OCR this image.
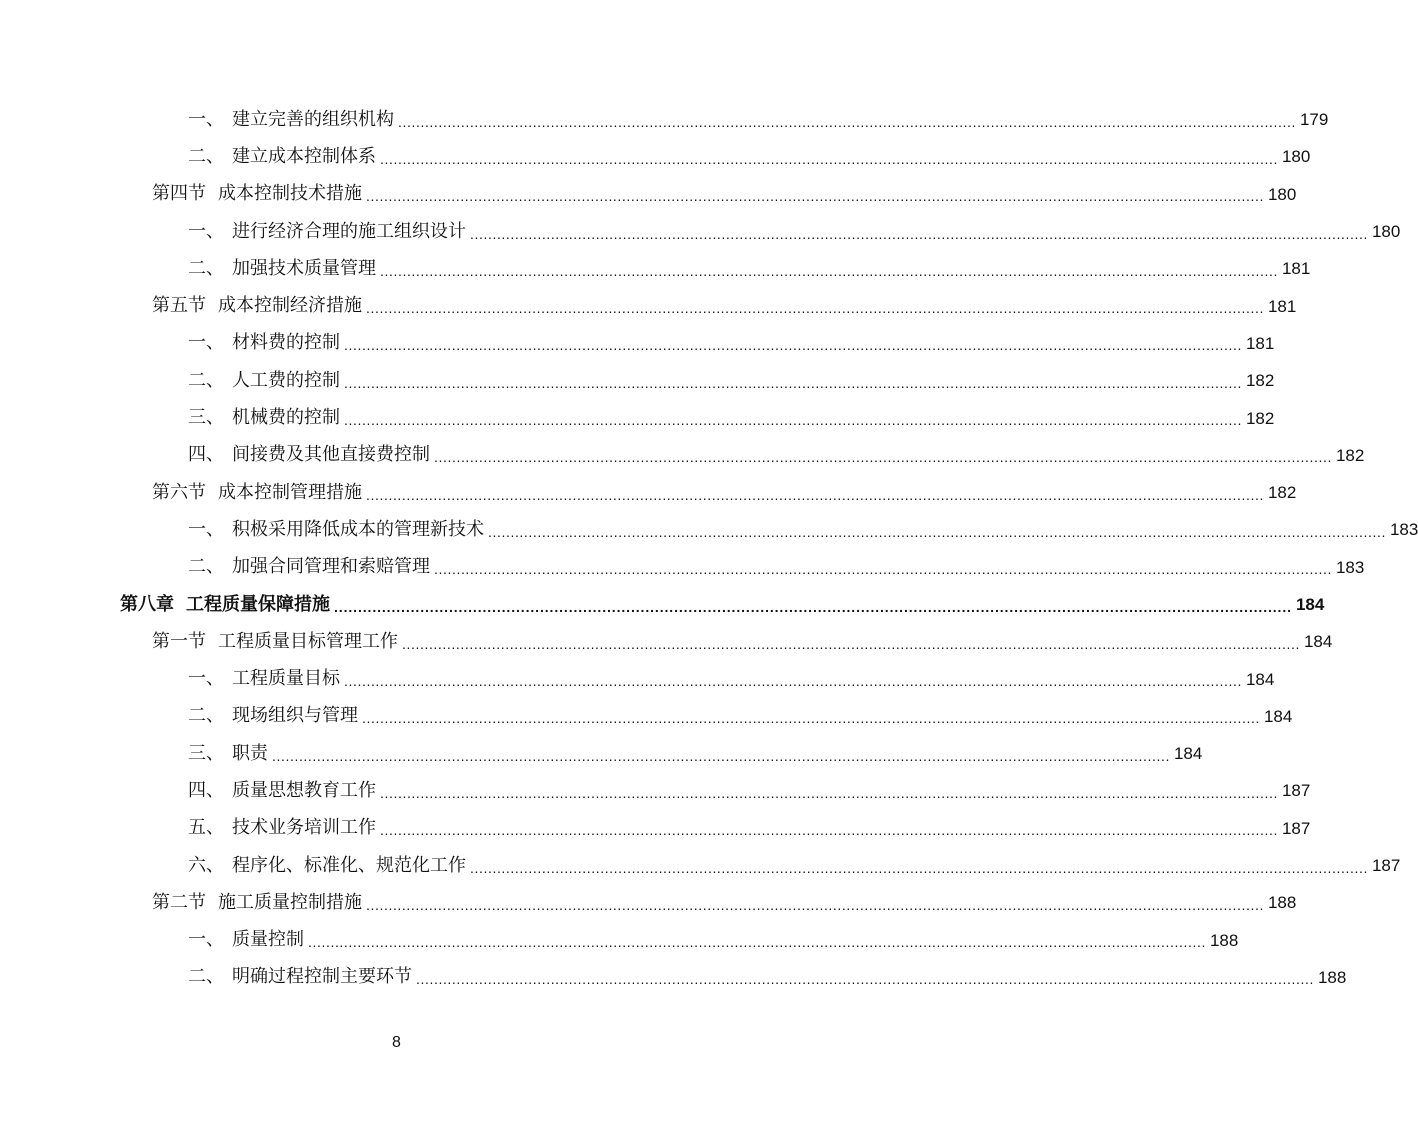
一、 建立完善的组织机构 ........................................................................................................................................................................................................ 179
二、 建立成本控制体系 ........................................................................................................................................................................................................ 180
第四节 成本控制技术措施 ........................................................................................................................................................................................................ 180
一、 进行经济合理的施工组织设计 ........................................................................................................................................................................................................ 180
二、 加强技术质量管理 ........................................................................................................................................................................................................ 181
第五节 成本控制经济措施 ........................................................................................................................................................................................................ 181
一、 材料费的控制 ........................................................................................................................................................................................................ 181
二、 人工费的控制 ........................................................................................................................................................................................................ 182
三、 机械费的控制 ........................................................................................................................................................................................................ 182
四、 间接费及其他直接费控制 ........................................................................................................................................................................................................ 182
第六节 成本控制管理措施 ........................................................................................................................................................................................................ 182
一、 积极采用降低成本的管理新技术 ........................................................................................................................................................................................................ 183
二、 加强合同管理和索赔管理 ........................................................................................................................................................................................................ 183
第八章 工程质量保障措施 ........................................................................................................................................................................................................ 184
第一节 工程质量目标管理工作 ........................................................................................................................................................................................................ 184
一、 工程质量目标 ........................................................................................................................................................................................................ 184
二、 现场组织与管理 ........................................................................................................................................................................................................ 184
三、 职责 ........................................................................................................................................................................................................ 184
四、 质量思想教育工作 ........................................................................................................................................................................................................ 187
五、 技术业务培训工作 ........................................................................................................................................................................................................ 187
六、 程序化、标准化、规范化工作 ........................................................................................................................................................................................................ 187
第二节 施工质量控制措施 ........................................................................................................................................................................................................ 188
一、 质量控制 ........................................................................................................................................................................................................ 188
二、 明确过程控制主要环节 ........................................................................................................................................................................................................ 188
8
